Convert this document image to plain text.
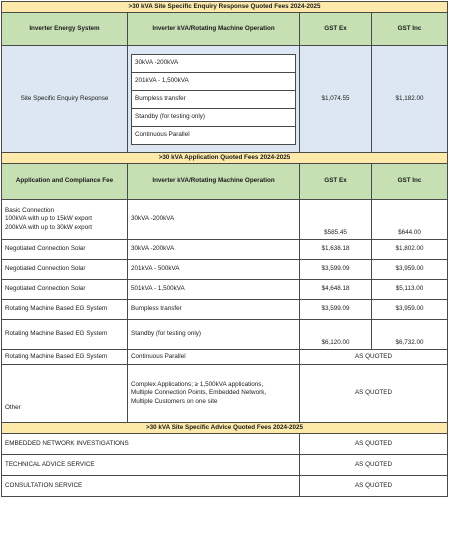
>30 kVA Site Specific Enquiry Response Quoted Fees 2024-2025			
Inverter Energy System	Inverter kVA/Rotating Machine Operation	GST Ex	GST Inc
Site Specific Enquiry Response	30kVA -200kVA
201kVA - 1,500kVA
Bumpless transfer
Standby (for testing only)
Continuous Parallel	$1,074.55	$1,182.00
>30 kVA Application Quoted Fees 2024-2025			
Application and Compliance Fee	Inverter kVA/Rotating Machine Operation	GST Ex	GST Inc

Basic Connection
100kVA with up to 15kW export
200kVA with up to 30kW export	30kVA -200kVA	$585.45	$644.00
Negotiated Connection Solar	30kVA -200kVA	$1,638.18	$1,802.00
Negotiated Connection Solar	201kVA - 500kVA	$3,599.09	$3,959.00
Negotiated Connection Solar	501kVA - 1,500kVA	$4,648.18	$5,113.00
Rotating Machine Based EG System	Bumpless transfer	$3,599.09	$3,959.00
Rotating Machine Based EG System	Standby (for testing only)	$6,120.00	$6,732.00
Rotating Machine Based EG System	Continuous Parallel	AS QUOTED	
Other	Complex Applications; ≥ 1,500kVA applications,
Multiple Connection Points, Embedded Network,
Multiple Customers on one site	AS QUOTED	
>30 kVA Site Specific Advice Quoted Fees 2024-2025			
EMBEDDED NETWORK INVESTIGATIONS		AS QUOTED	
TECHNICAL ADVICE SERVICE		AS QUOTED	
CONSULTATION SERVICE		AS QUOTED	
